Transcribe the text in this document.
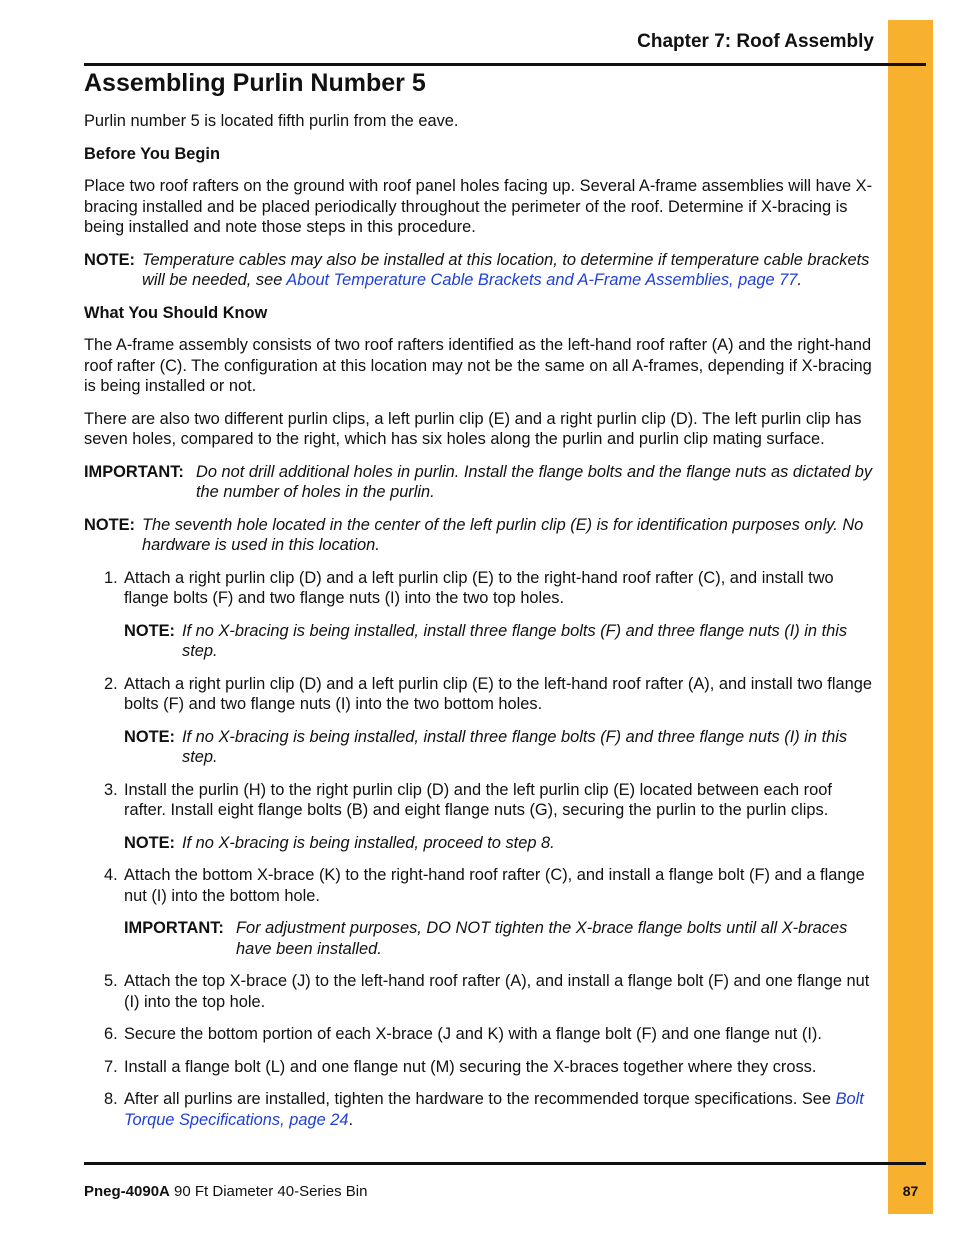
Chapter 7: Roof Assembly
Assembling Purlin Number 5

Purlin number 5 is located fifth purlin from the eave.

Before You Begin

Place two roof rafters on the ground with roof panel holes facing up. Several A-frame assemblies will have X-bracing installed and be placed periodically throughout the perimeter of the roof. Determine if X-bracing is being installed and note those steps in this procedure.

NOTE: Temperature cables may also be installed at this location, to determine if temperature cable brackets will be needed, see About Temperature Cable Brackets and A-Frame Assemblies, page 77.

What You Should Know

The A-frame assembly consists of two roof rafters identified as the left-hand roof rafter (A) and the right-hand roof rafter (C). The configuration at this location may not be the same on all A-frames, depending if X-bracing is being installed or not.

There are also two different purlin clips, a left purlin clip (E) and a right purlin clip (D). The left purlin clip has seven holes, compared to the right, which has six holes along the purlin and purlin clip mating surface.

IMPORTANT: Do not drill additional holes in purlin. Install the flange bolts and the flange nuts as dictated by the number of holes in the purlin.
NOTE: The seventh hole located in the center of the left purlin clip (E) is for identification purposes only. No hardware is used in this location.
1. Attach a right purlin clip (D) and a left purlin clip (E) to the right-hand roof rafter (C), and install two flange bolts (F) and two flange nuts (I) into the two top holes.
NOTE: If no X-bracing is being installed, install three flange bolts (F) and three flange nuts (I) in this step.
2. Attach a right purlin clip (D) and a left purlin clip (E) to the left-hand roof rafter (A), and install two flange bolts (F) and two flange nuts (I) into the two bottom holes.
NOTE: If no X-bracing is being installed, install three flange bolts (F) and three flange nuts (I) in this step.
3. Install the purlin (H) to the right purlin clip (D) and the left purlin clip (E) located between each roof rafter. Install eight flange bolts (B) and eight flange nuts (G), securing the purlin to the purlin clips.
NOTE: If no X-bracing is being installed, proceed to step 8.
4. Attach the bottom X-brace (K) to the right-hand roof rafter (C), and install a flange bolt (F) and a flange nut (I) into the bottom hole.
IMPORTANT: For adjustment purposes, DO NOT tighten the X-brace flange bolts until all X-braces have been installed.
5. Attach the top X-brace (J) to the left-hand roof rafter (A), and install a flange bolt (F) and one flange nut (I) into the top hole.
6. Secure the bottom portion of each X-brace (J and K) with a flange bolt (F) and one flange nut (I).
7. Install a flange bolt (L) and one flange nut (M) securing the X-braces together where they cross.
8. After all purlins are installed, tighten the hardware to the recommended torque specifications. See Bolt Torque Specifications, page 24.
Pneg-4090A 90 Ft Diameter 40-Series Bin	87
